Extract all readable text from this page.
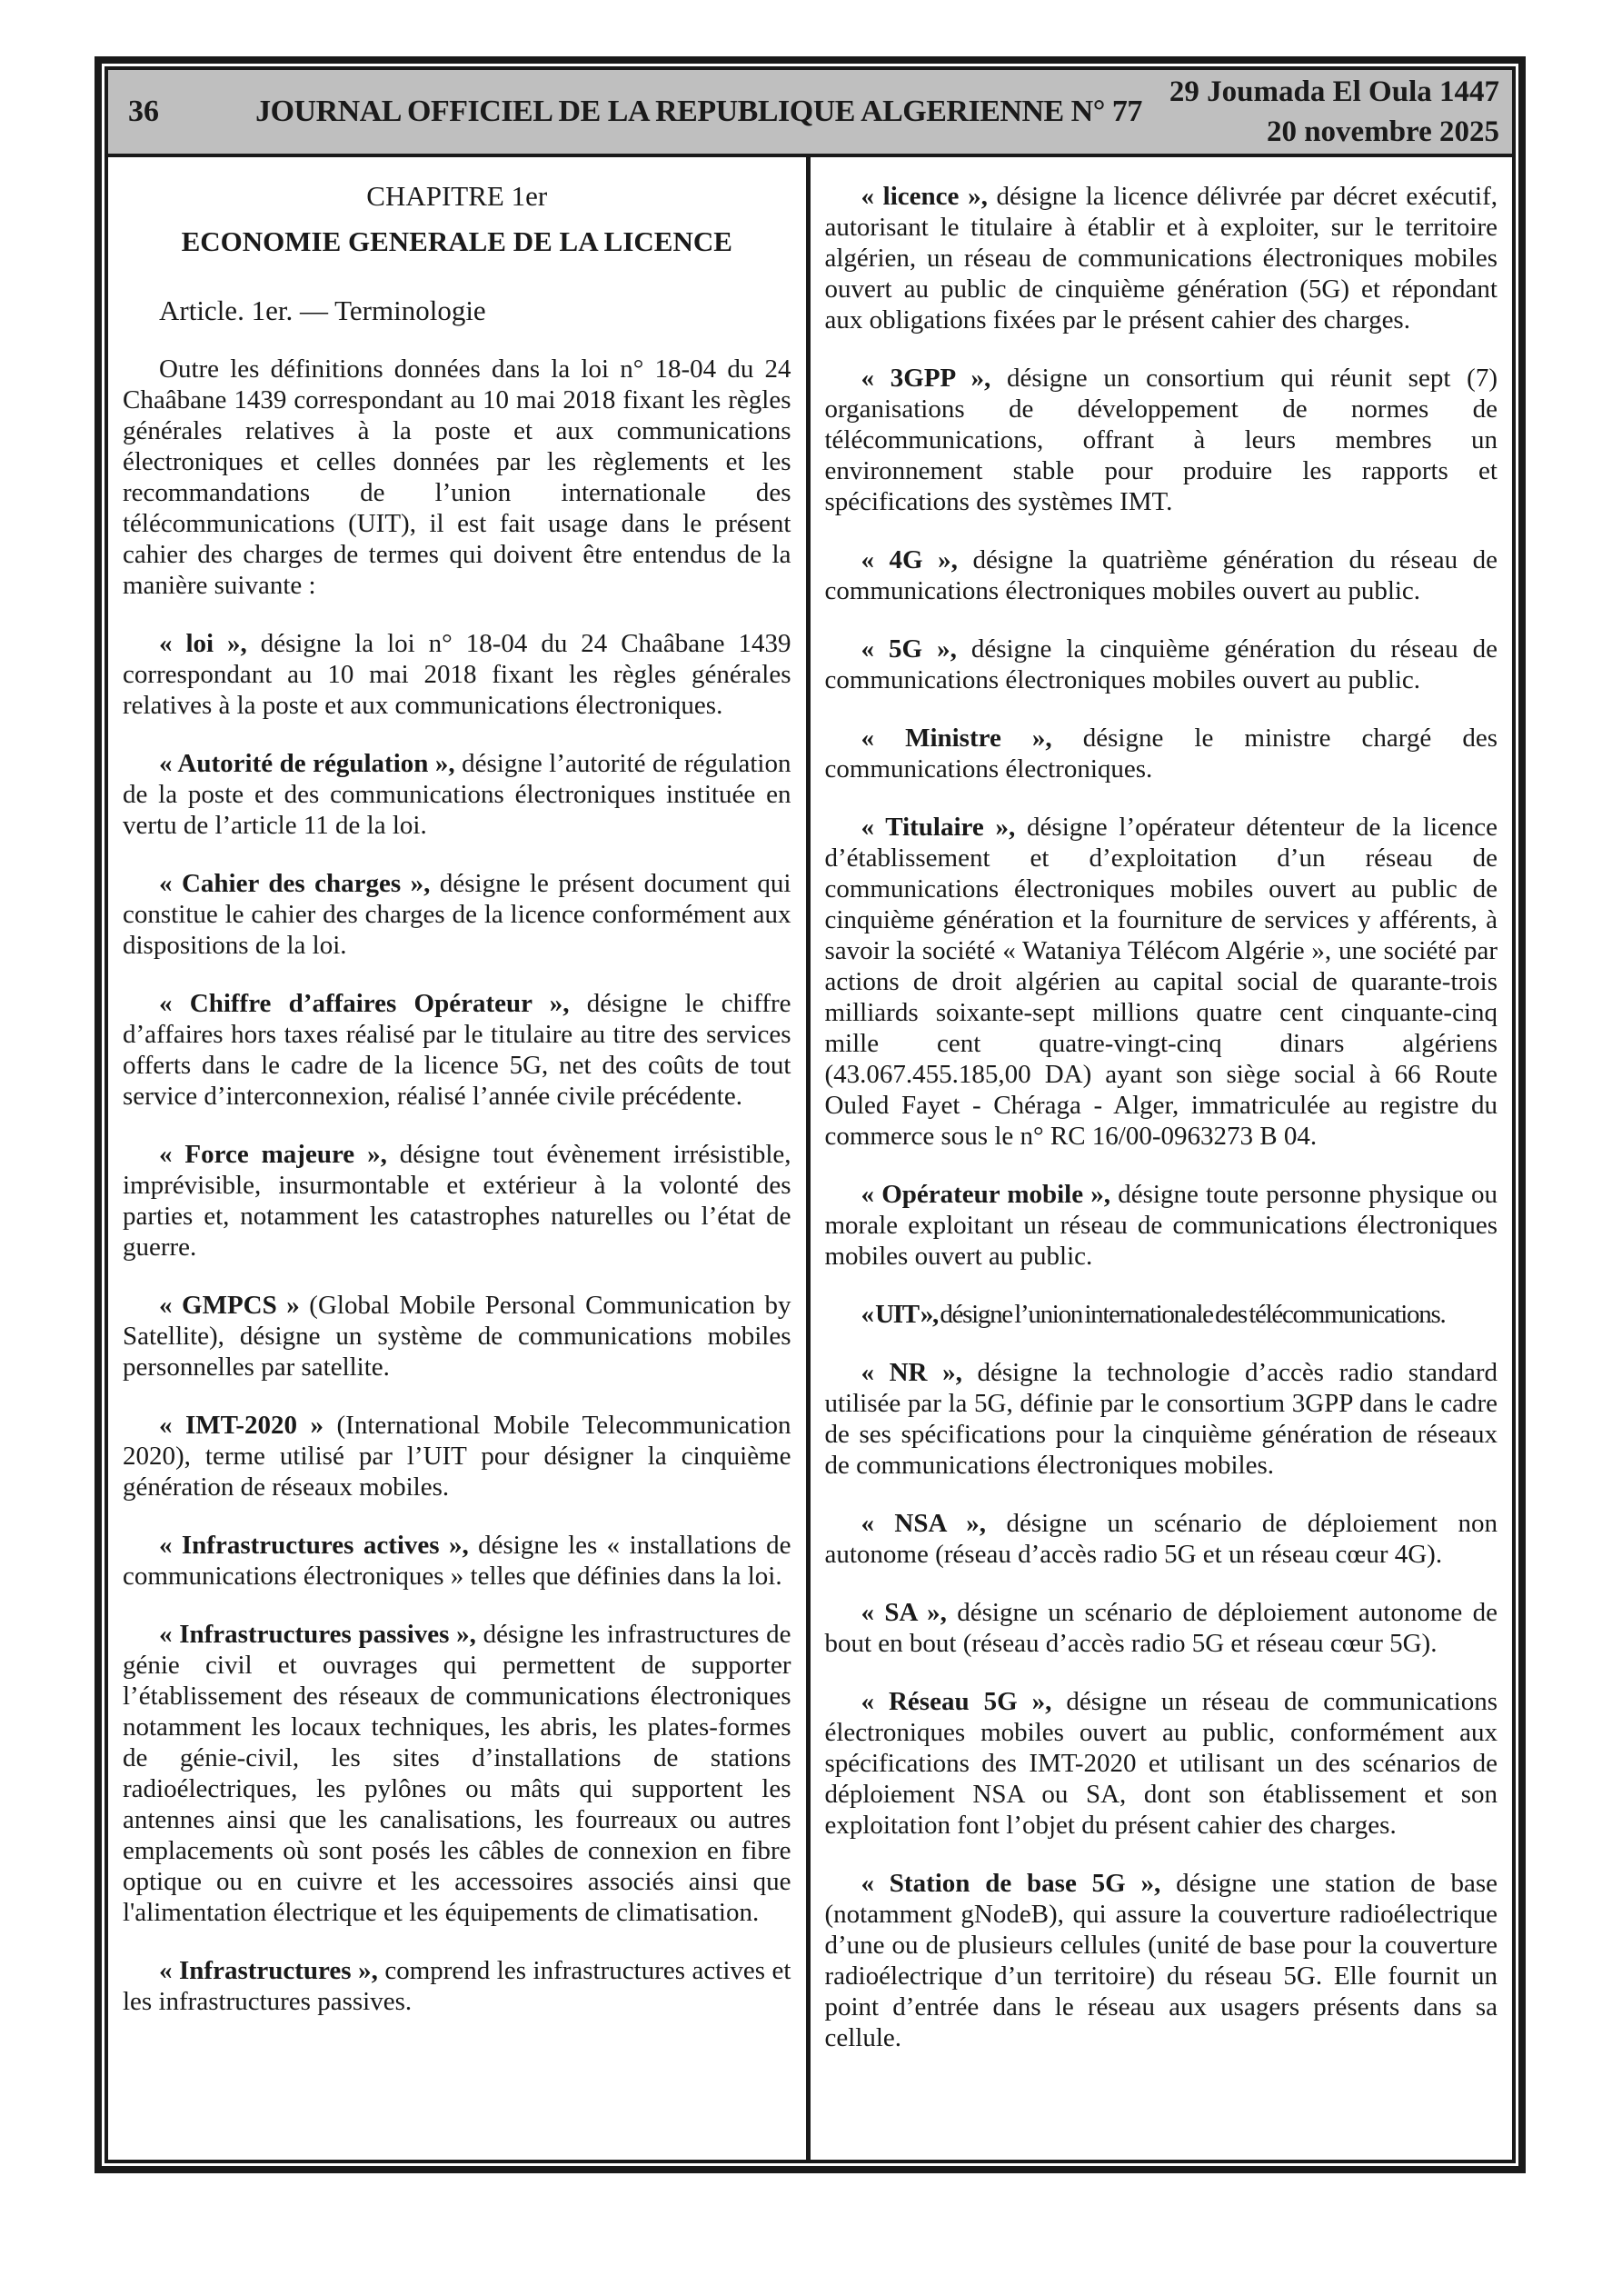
36	JOURNAL OFFICIEL DE LA REPUBLIQUE ALGERIENNE N° 77
29 Joumada El Oula 1447
20 novembre 2025

CHAPITRE 1er

ECONOMIE GENERALE DE LA LICENCE

Article. 1er. — Terminologie

Outre les définitions données dans la loi n° 18-04 du 24 Chaâbane 1439 correspondant au 10 mai 2018 fixant les règles générales relatives à la poste et aux communications électroniques et celles données par les règlements et les recommandations de l’union internationale des télécommunications (UIT), il est fait usage dans le présent cahier des charges de termes qui doivent être entendus de la manière suivante :

« loi », désigne la loi n° 18-04 du 24 Chaâbane 1439 correspondant au 10 mai 2018 fixant les règles générales relatives à la poste et aux communications électroniques.

« Autorité de régulation », désigne l’autorité de régulation de la poste et des communications électroniques instituée en vertu de l’article 11 de la loi.

« Cahier des charges », désigne le présent document qui constitue le cahier des charges de la licence conformément aux dispositions de la loi.

« Chiffre d’affaires Opérateur », désigne le chiffre d’affaires hors taxes réalisé par le titulaire au titre des services offerts dans le cadre de la licence 5G, net des coûts de tout service d’interconnexion, réalisé l’année civile précédente.

« Force majeure », désigne tout évènement irrésistible, imprévisible, insurmontable et extérieur à la volonté des parties et, notamment les catastrophes naturelles ou l’état de guerre.

« GMPCS » (Global Mobile Personal Communication by Satellite), désigne un système de communications mobiles personnelles par satellite.

« IMT-2020 » (International Mobile Telecommunication 2020), terme utilisé par l’UIT pour désigner la cinquième génération de réseaux mobiles.

« Infrastructures actives », désigne les « installations de communications électroniques » telles que définies dans la loi.

« Infrastructures passives », désigne les infrastructures de génie civil et ouvrages qui permettent de supporter l’établissement des réseaux de communications électroniques notamment les locaux techniques, les abris, les plates-formes de génie-civil, les sites d’installations de stations radioélectriques, les pylônes ou mâts qui supportent les antennes ainsi que les canalisations, les fourreaux ou autres emplacements où sont posés les câbles de connexion en fibre optique ou en cuivre et les accessoires associés ainsi que l'alimentation électrique et les équipements de climatisation.

« Infrastructures », comprend les infrastructures actives et les infrastructures passives.

« licence », désigne la licence délivrée par décret exécutif, autorisant le titulaire à établir et à exploiter, sur le territoire algérien, un réseau de communications électroniques mobiles ouvert au public de cinquième génération (5G) et répondant aux obligations fixées par le présent cahier des charges.

« 3GPP », désigne un consortium qui réunit sept (7) organisations de développement de normes de télécommunications, offrant à leurs membres un environnement stable pour produire les rapports et spécifications des systèmes IMT.

« 4G », désigne la quatrième génération du réseau de communications électroniques mobiles ouvert au public.

« 5G », désigne la cinquième génération du réseau de communications électroniques mobiles ouvert au public.

« Ministre », désigne le ministre chargé des communications électroniques.

« Titulaire », désigne l’opérateur détenteur de la licence d’établissement et d’exploitation d’un réseau de communications électroniques mobiles ouvert au public de cinquième génération et la fourniture de services y afférents, à savoir la société « Wataniya Télécom Algérie », une société par actions de droit algérien au capital social de quarante-trois milliards soixante-sept millions quatre cent cinquante-cinq mille cent quatre-vingt-cinq dinars algériens (43.067.455.185,00 DA) ayant son siège social à 66 Route Ouled Fayet - Chéraga - Alger, immatriculée au registre du commerce sous le n° RC 16/00-0963273 B 04.

« Opérateur mobile », désigne toute personne physique ou morale exploitant un réseau de communications électroniques mobiles ouvert au public.

« UIT », désigne l’union internationale des télécommunications.

« NR », désigne la technologie d’accès radio standard utilisée par la 5G, définie par le consortium 3GPP dans le cadre de ses spécifications pour la cinquième génération de réseaux de communications électroniques mobiles.

« NSA », désigne un scénario de déploiement non autonome (réseau d’accès radio 5G et un réseau cœur 4G).

« SA », désigne un scénario de déploiement autonome de bout en bout (réseau d’accès radio 5G et réseau cœur 5G).

« Réseau 5G », désigne un réseau de communications électroniques mobiles ouvert au public, conformément aux spécifications des IMT-2020 et utilisant un des scénarios de déploiement NSA ou SA, dont son établissement et son exploitation font l’objet du présent cahier des charges.

« Station de base 5G », désigne une station de base (notamment gNodeB), qui assure la couverture radioélectrique d’une ou de plusieurs cellules (unité de base pour la couverture radioélectrique d’un territoire) du réseau 5G. Elle fournit un point d’entrée dans le réseau aux usagers présents dans sa cellule.
